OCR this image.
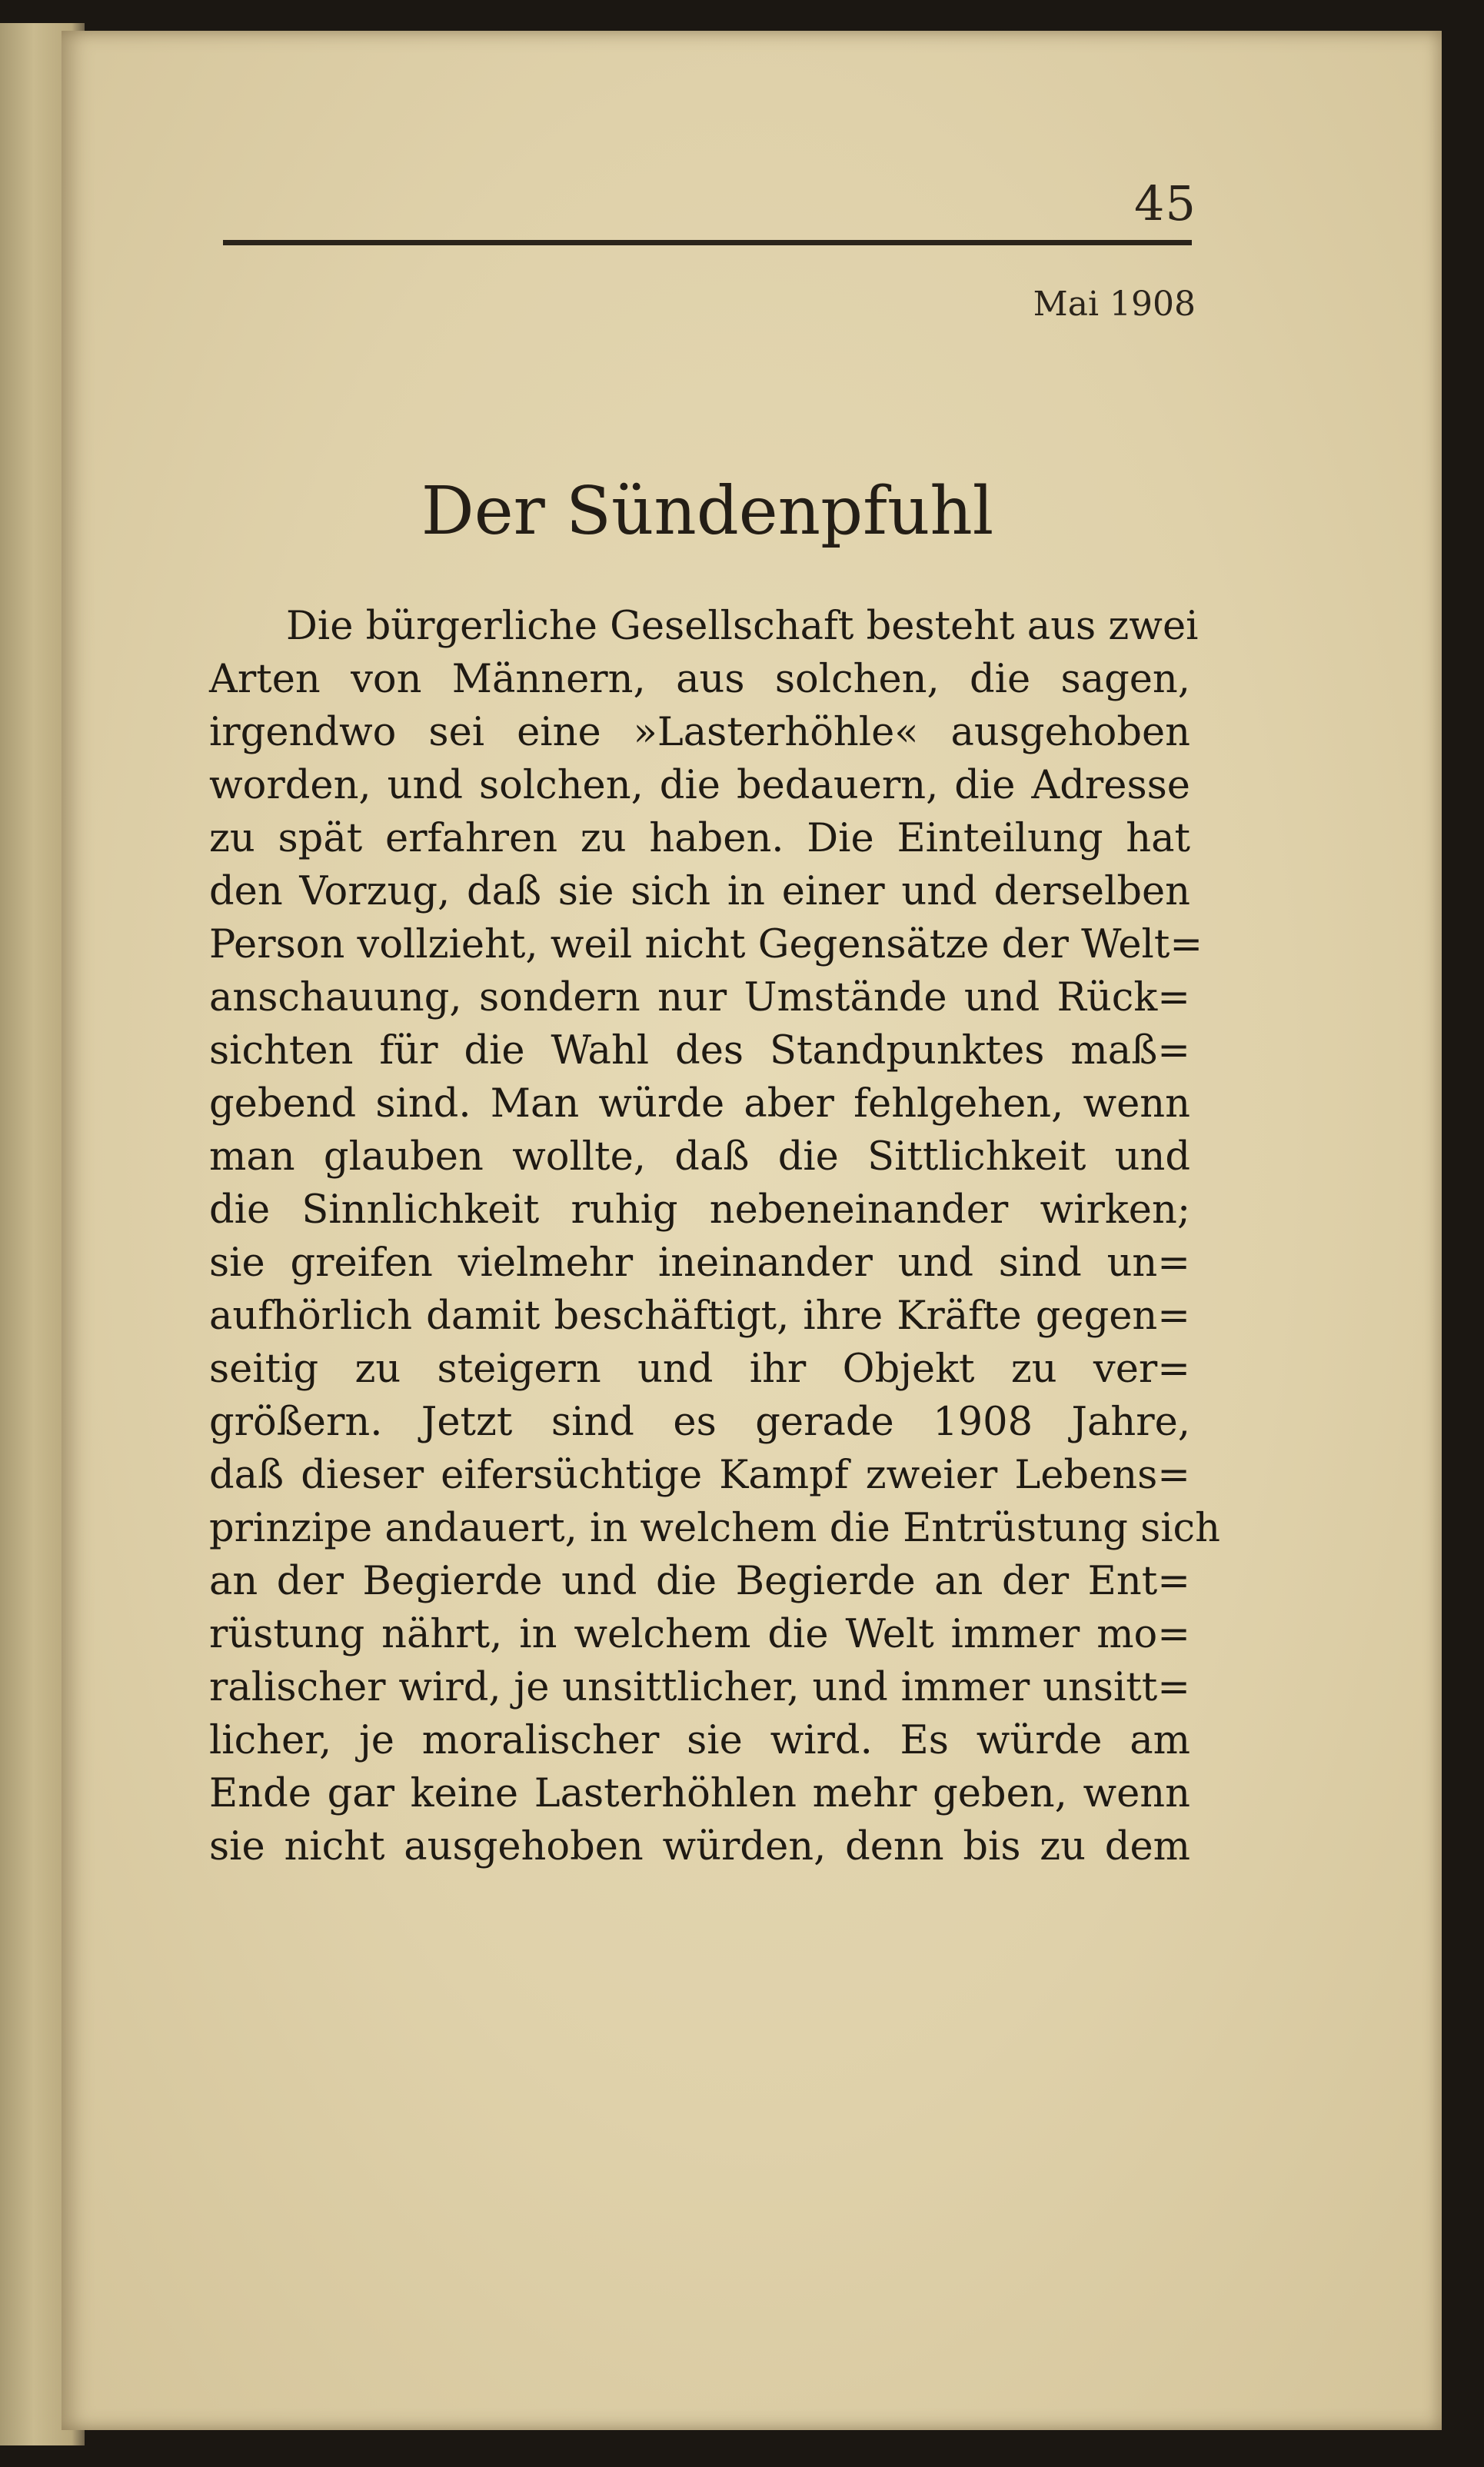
45
Mai 1908
Der Sündenpfuhl
Die bürgerliche Gesellschaft besteht aus zwei
Arten von Männern, aus solchen, die sagen,
irgendwo sei eine »Lasterhöhle« ausgehoben
worden, und solchen, die bedauern, die Adresse
zu spät erfahren zu haben. Die Einteilung hat
den Vorzug, daß sie sich in einer und derselben
Person vollzieht, weil nicht Gegensätze der Welt=
anschauung, sondern nur Umstände und Rück=
sichten für die Wahl des Standpunktes maß=
gebend sind. Man würde aber fehlgehen, wenn
man glauben wollte, daß die Sittlichkeit und
die Sinnlichkeit ruhig nebeneinander wirken;
sie greifen vielmehr ineinander und sind un=
aufhörlich damit beschäftigt, ihre Kräfte gegen=
seitig zu steigern und ihr Objekt zu ver=
größern. Jetzt sind es gerade 1908 Jahre,
daß dieser eifersüchtige Kampf zweier Lebens=
prinzipe andauert, in welchem die Entrüstung sich
an der Begierde und die Begierde an der Ent=
rüstung nährt, in welchem die Welt immer mo=
ralischer wird, je unsittlicher, und immer unsitt=
licher, je moralischer sie wird. Es würde am
Ende gar keine Lasterhöhlen mehr geben, wenn
sie nicht ausgehoben würden, denn bis zu dem
